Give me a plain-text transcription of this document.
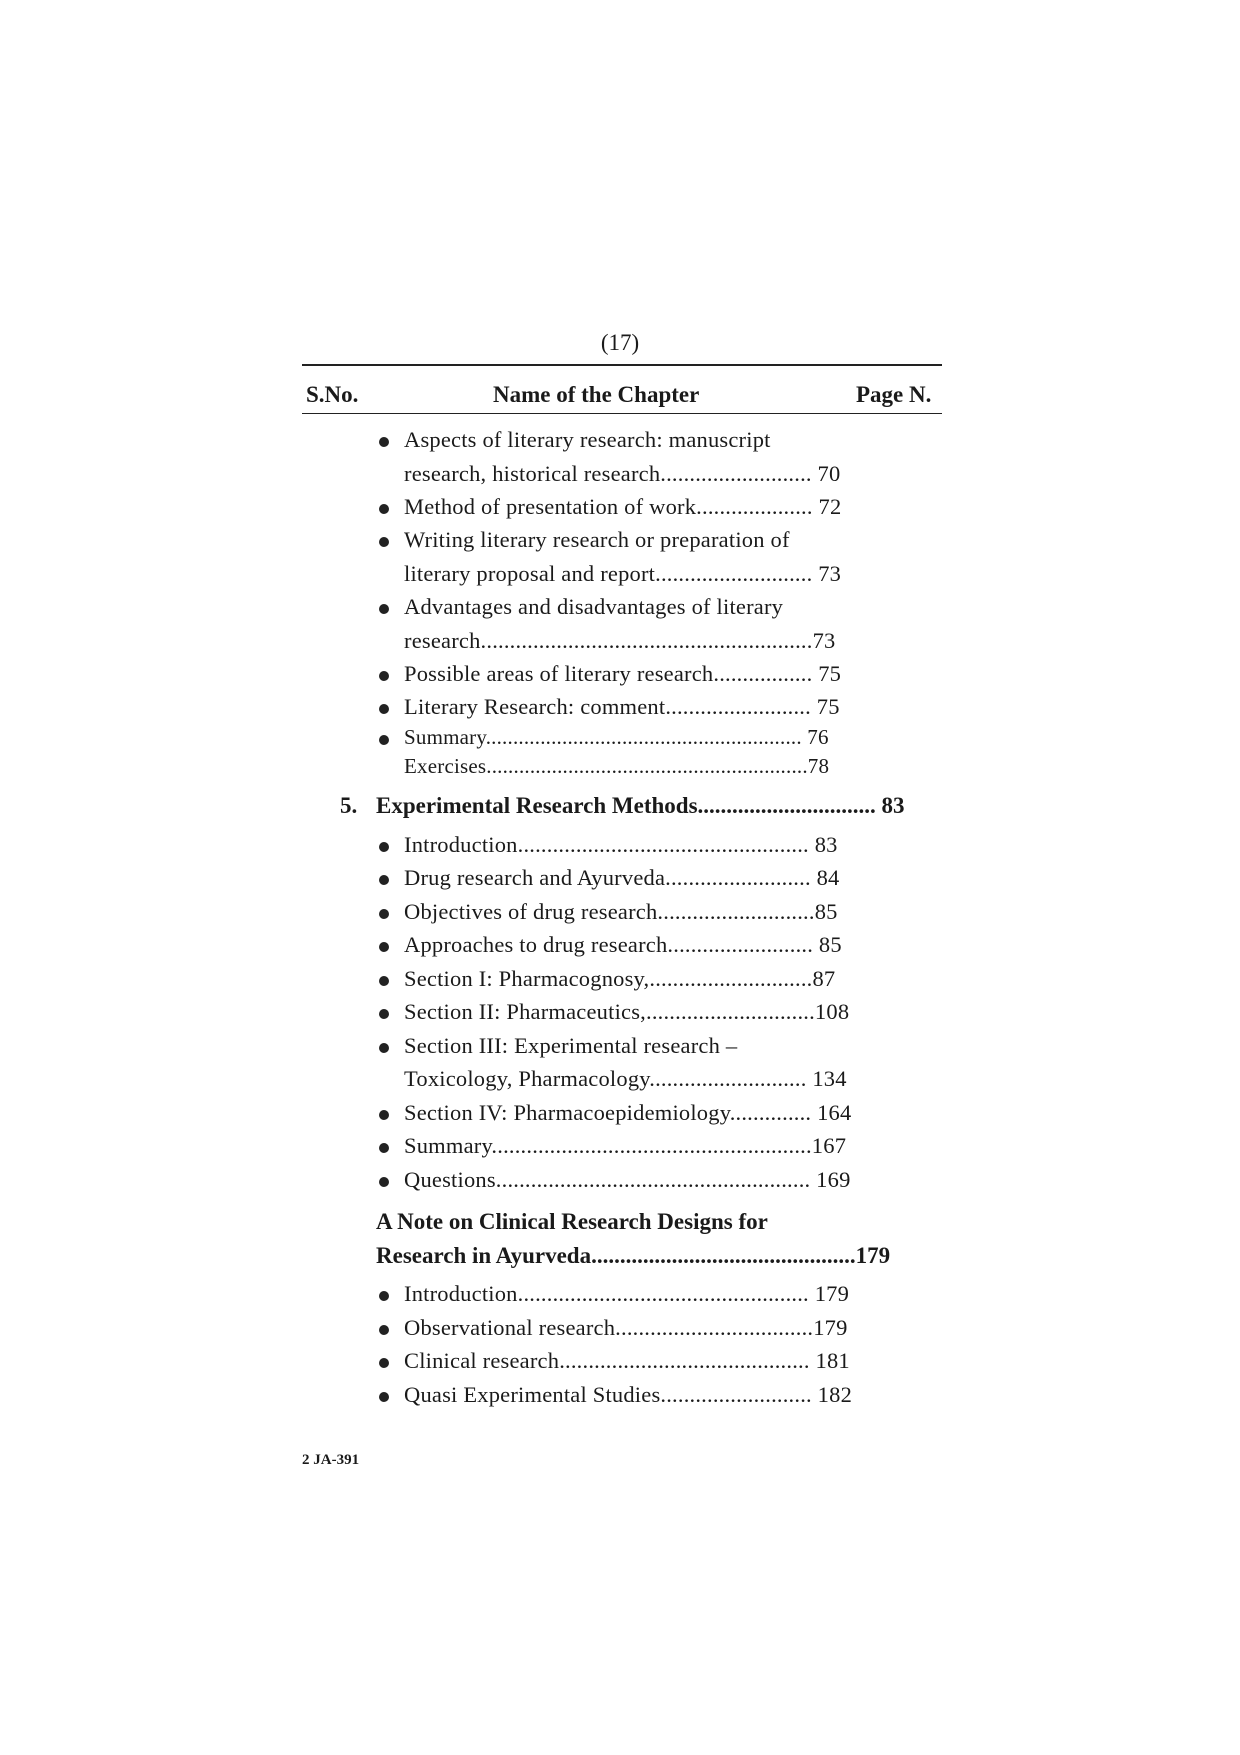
(17)
S.No.	Name of the Chapter	Page N.
Aspects of literary research: manuscript
research, historical research.......................... 70
Method of presentation of work.................... 72
Writing literary research or preparation of
literary proposal and report........................... 73
Advantages and disadvantages of literary
research.........................................................73
Possible areas of literary research................. 75
Literary Research: comment......................... 75
Summary.......................................................... 76
Exercises...........................................................78
5. Experimental Research Methods............................... 83
Introduction.................................................. 83
Drug research and Ayurveda......................... 84
Objectives of drug research...........................85
Approaches to drug research......................... 85
Section I: Pharmacognosy,............................87
Section II: Pharmaceutics,.............................108
Section III: Experimental research –
Toxicology, Pharmacology........................... 134
Section IV: Pharmacoepidemiology.............. 164
Summary.......................................................167
Questions...................................................... 169
A Note on Clinical Research Designs for
Research in Ayurveda..............................................179
Introduction.................................................. 179
Observational research..................................179
Clinical research........................................... 181
Quasi Experimental Studies.......................... 182
2 JA-391
